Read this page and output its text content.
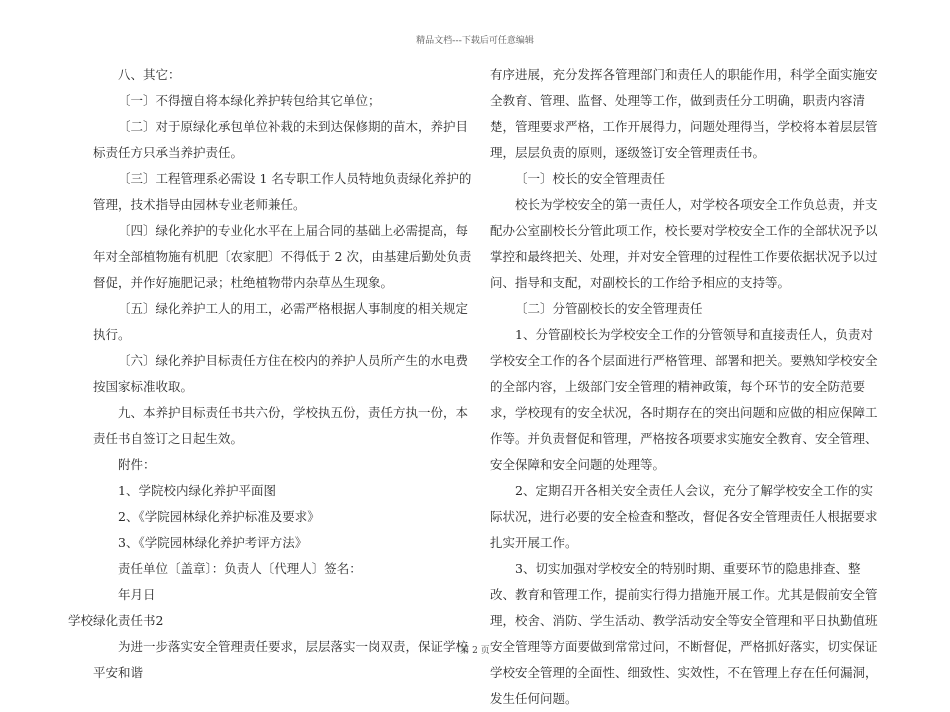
精品文档---下载后可任意编辑

八、其它：

〔一〕不得擅自将本绿化养护转包给其它单位；

〔二〕对于原绿化承包单位补栽的未到达保修期的苗木，养护目标责任方只承当养护责任。

〔三〕工程管理系必需设 1 名专职工作人员特地负责绿化养护的管理，技术指导由园林专业老师兼任。

〔四〕绿化养护的专业化水平在上届合同的基础上必需提高，每年对全部植物施有机肥〔农家肥〕不得低于 2 次，由基建后勤处负责督促，并作好施肥记录；杜绝植物带内杂草丛生现象。

〔五〕绿化养护工人的用工，必需严格根据人事制度的相关规定执行。

〔六〕绿化养护目标责任方住在校内的养护人员所产生的水电费按国家标准收取。

九、本养护目标责任书共六份，学校执五份，责任方执一份，本责任书自签订之日起生效。

附件：

1、学院校内绿化养护平面图

2、《学院园林绿化养护标准及要求》

3、《学院园林绿化养护考评方法》

责任单位〔盖章〕：负责人〔代理人〕签名：

年月日

学校绿化责任书2

为进一步落实安全管理责任要求，层层落实一岗双责，保证学校平安和谐

有序进展，充分发挥各管理部门和责任人的职能作用，科学全面实施安全教育、管理、监督、处理等工作，做到责任分工明确，职责内容清楚，管理要求严格，工作开展得力，问题处理得当，学校将本着层层管理，层层负责的原则，逐级签订安全管理责任书。

〔一〕校长的安全管理责任

校长为学校安全的第一责任人，对学校各项安全工作负总责，并支配办公室副校长分管此项工作，校长要对学校安全工作的全部状况予以掌控和最终把关、处理，并对安全管理的过程性工作要依据状况予以过问、指导和支配，对副校长的工作给予相应的支持等。

〔二〕分管副校长的安全管理责任

1、分管副校长为学校安全工作的分管领导和直接责任人，负责对学校安全工作的各个层面进行严格管理、部署和把关。要熟知学校安全的全部内容，上级部门安全管理的精神政策，每个环节的安全防范要求，学校现有的安全状况，各时期存在的突出问题和应做的相应保障工作等。并负责督促和管理，严格按各项要求实施安全教育、安全管理、安全保障和安全问题的处理等。

2、定期召开各相关安全责任人会议，充分了解学校安全工作的实际状况，进行必要的安全检查和整改，督促各安全管理责任人根据要求扎实开展工作。

3、切实加强对学校安全的特别时期、重要环节的隐患排查、整改、教育和管理工作，提前实行得力措施开展工作。尤其是假前安全管理，校舍、消防、学生活动、教学活动安全等安全管理和平日执勤值班安全管理等方面要做到常常过问，不断督促，严格抓好落实，切实保证学校安全管理的全面性、细致性、实效性，不在管理上存在任何漏洞，发生任何问题。

第 2 页
